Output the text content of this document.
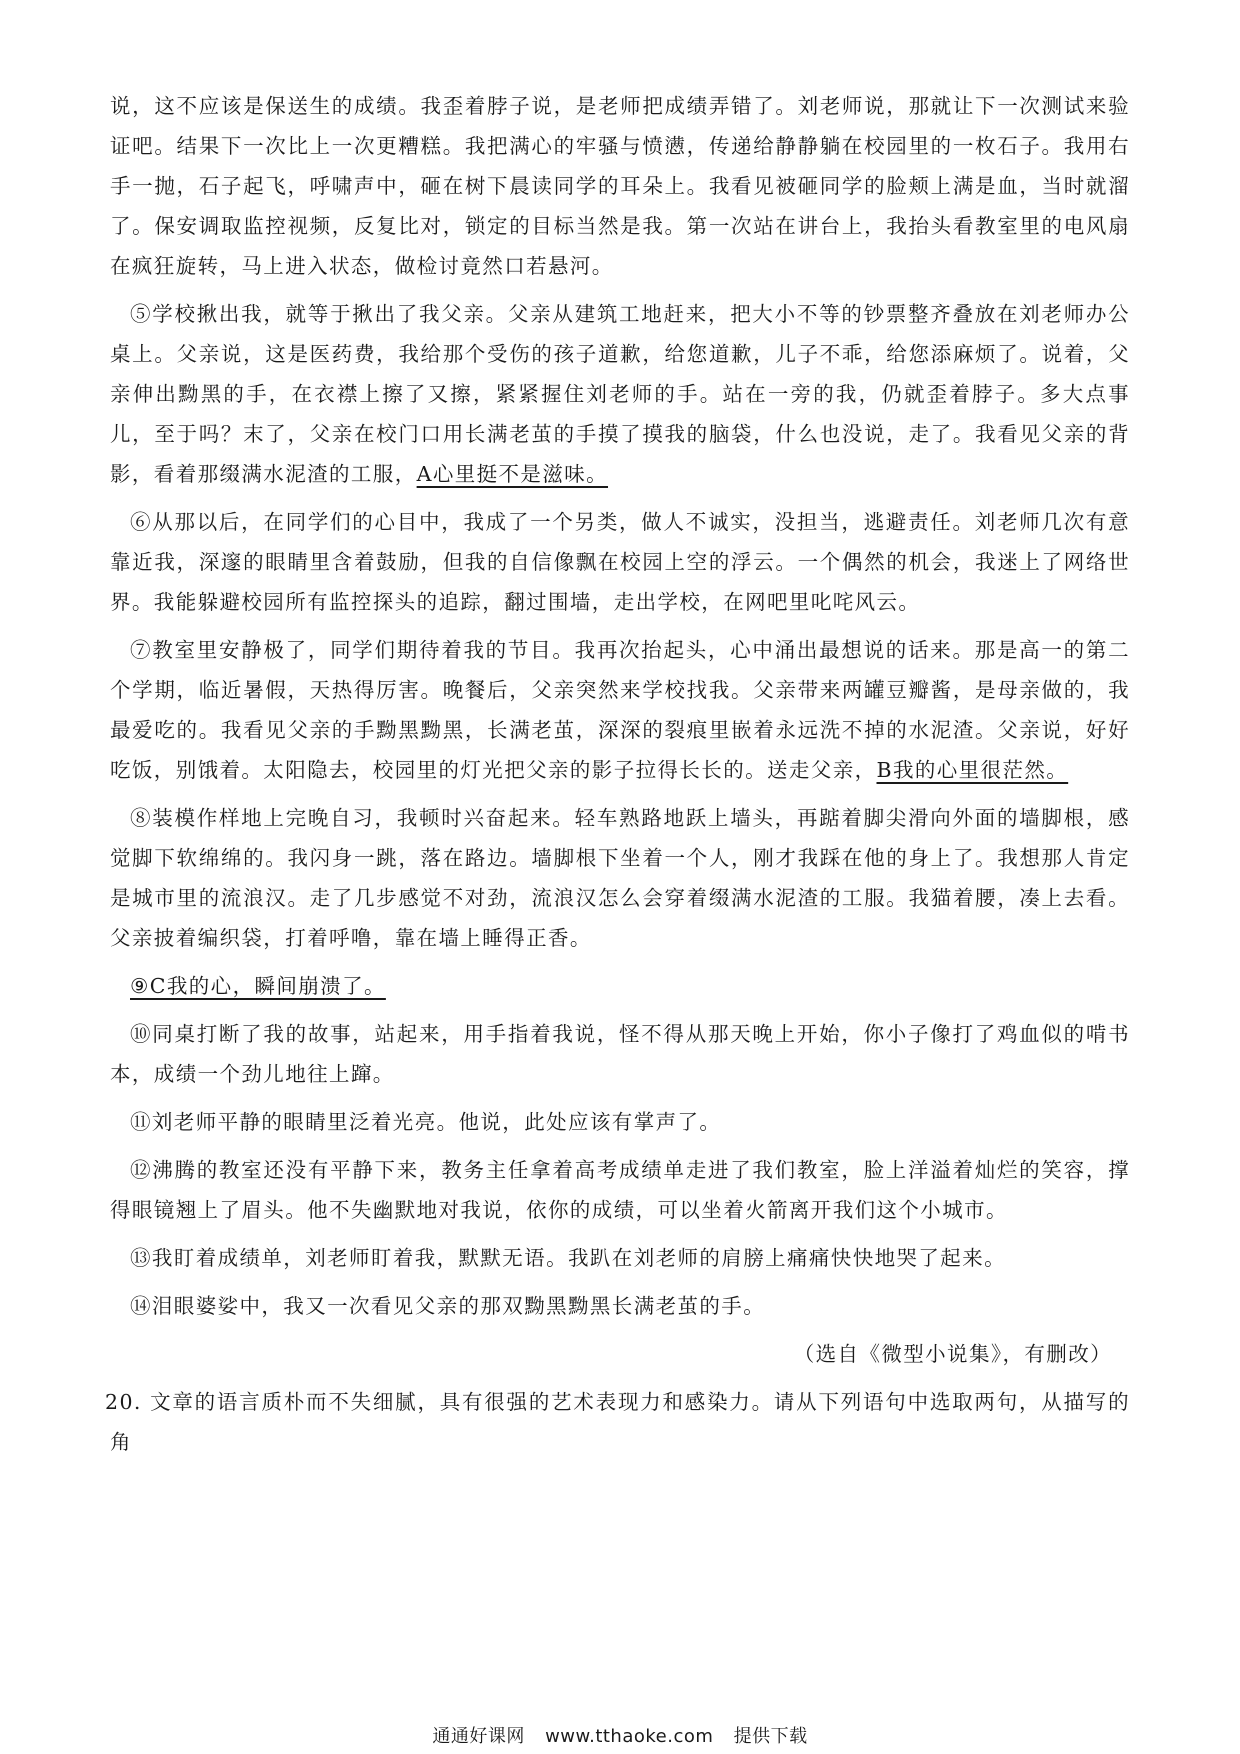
说，这不应该是保送生的成绩。我歪着脖子说，是老师把成绩弄错了。刘老师说，那就让下一次测试来验证吧。结果下一次比上一次更糟糕。我把满心的牢骚与愤懑，传递给静静躺在校园里的一枚石子。我用右手一抛，石子起飞，呼啸声中，砸在树下晨读同学的耳朵上。我看见被砸同学的脸颊上满是血，当时就溜了。保安调取监控视频，反复比对，锁定的目标当然是我。第一次站在讲台上，我抬头看教室里的电风扇在疯狂旋转，马上进入状态，做检讨竟然口若悬河。

⑤学校揪出我，就等于揪出了我父亲。父亲从建筑工地赶来，把大小不等的钞票整齐叠放在刘老师办公桌上。父亲说，这是医药费，我给那个受伤的孩子道歉，给您道歉，儿子不乖，给您添麻烦了。说着，父亲伸出黝黑的手，在衣襟上擦了又擦，紧紧握住刘老师的手。站在一旁的我，仍就歪着脖子。多大点事儿，至于吗？末了，父亲在校门口用长满老茧的手摸了摸我的脑袋，什么也没说，走了。我看见父亲的背影，看着那缀满水泥渣的工服，A心里挺不是滋味。

⑥从那以后，在同学们的心目中，我成了一个另类，做人不诚实，没担当，逃避责任。刘老师几次有意靠近我，深邃的眼睛里含着鼓励，但我的自信像飘在校园上空的浮云。一个偶然的机会，我迷上了网络世界。我能躲避校园所有监控探头的追踪，翻过围墙，走出学校，在网吧里叱咤风云。

⑦教室里安静极了，同学们期待着我的节目。我再次抬起头，心中涌出最想说的话来。那是高一的第二个学期，临近暑假，天热得厉害。晚餐后，父亲突然来学校找我。父亲带来两罐豆瓣酱，是母亲做的，我最爱吃的。我看见父亲的手黝黑黝黑，长满老茧，深深的裂痕里嵌着永远洗不掉的水泥渣。父亲说，好好吃饭，别饿着。太阳隐去，校园里的灯光把父亲的影子拉得长长的。送走父亲，B我的心里很茫然。

⑧装模作样地上完晚自习，我顿时兴奋起来。轻车熟路地跃上墙头，再踮着脚尖滑向外面的墙脚根，感觉脚下软绵绵的。我闪身一跳，落在路边。墙脚根下坐着一个人，刚才我踩在他的身上了。我想那人肯定是城市里的流浪汉。走了几步感觉不对劲，流浪汉怎么会穿着缀满水泥渣的工服。我猫着腰，凑上去看。父亲披着编织袋，打着呼噜，靠在墙上睡得正香。

⑨C我的心，瞬间崩溃了。

⑩同桌打断了我的故事，站起来，用手指着我说，怪不得从那天晚上开始，你小子像打了鸡血似的啃书本，成绩一个劲儿地往上蹿。

⑪刘老师平静的眼睛里泛着光亮。他说，此处应该有掌声了。

⑫沸腾的教室还没有平静下来，教务主任拿着高考成绩单走进了我们教室，脸上洋溢着灿烂的笑容，撑得眼镜翘上了眉头。他不失幽默地对我说，依你的成绩，可以坐着火箭离开我们这个小城市。

⑬我盯着成绩单，刘老师盯着我，默默无语。我趴在刘老师的肩膀上痛痛快快地哭了起来。

⑭泪眼婆娑中，我又一次看见父亲的那双黝黑黝黑长满老茧的手。

（选自《微型小说集》，有删改）

20. 文章的语言质朴而不失细腻，具有很强的艺术表现力和感染力。请从下列语句中选取两句，从描写的角

通通好课网 www.tthaoke.com 提供下载
